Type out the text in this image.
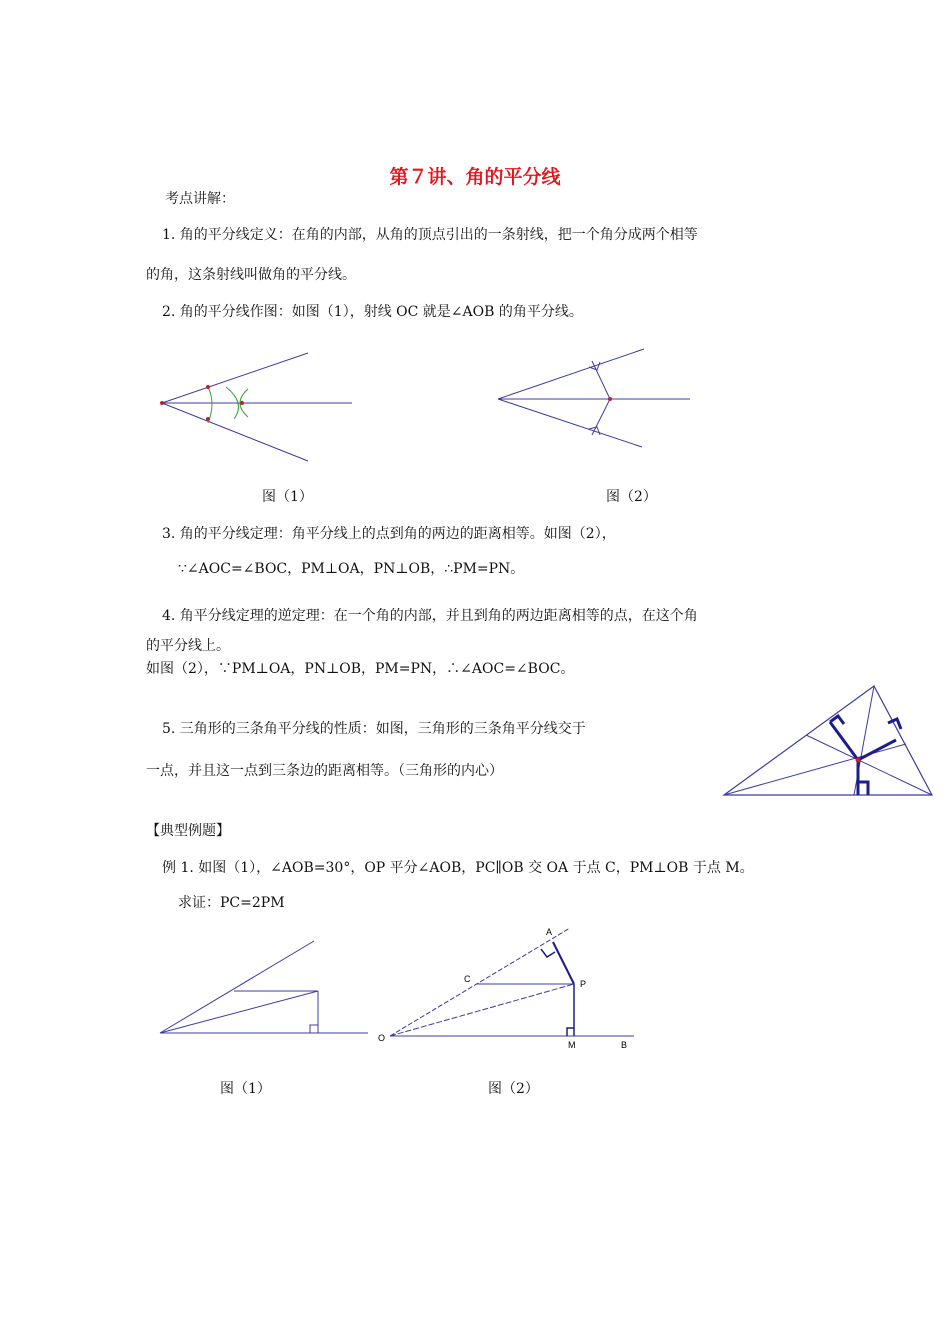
第７讲、角的平分线
考点讲解：
1. 角的平分线定义：在角的内部，从角的顶点引出的一条射线，把一个角分成两个相等
的角，这条射线叫做角的平分线。
2. 角的平分线作图：如图（1），射线 OC 就是∠AOB 的角平分线。
图（1）	图（2）
3. 角的平分线定理：角平分线上的点到角的两边的距离相等。如图（2），
∵∠AOC=∠BOC，PM⊥OA，PN⊥OB，∴PM=PN。
4. 角平分线定理的逆定理：在一个角的内部，并且到角的两边距离相等的点，在这个角
的平分线上。
如图（2），∵PM⊥OA，PN⊥OB，PM=PN，∴∠AOC=∠BOC。
5. 三角形的三条角平分线的性质：如图，三角形的三条角平分线交于
一点，并且这一点到三条边的距离相等。（三角形的内心）
【典型例题】
例 1. 如图（1），∠AOB=30°，OP 平分∠AOB，PC∥OB 交 OA 于点 C，PM⊥OB 于点 M。
求证：PC=2PM
A
C	P
O
M	B
图（1）	图（2）
